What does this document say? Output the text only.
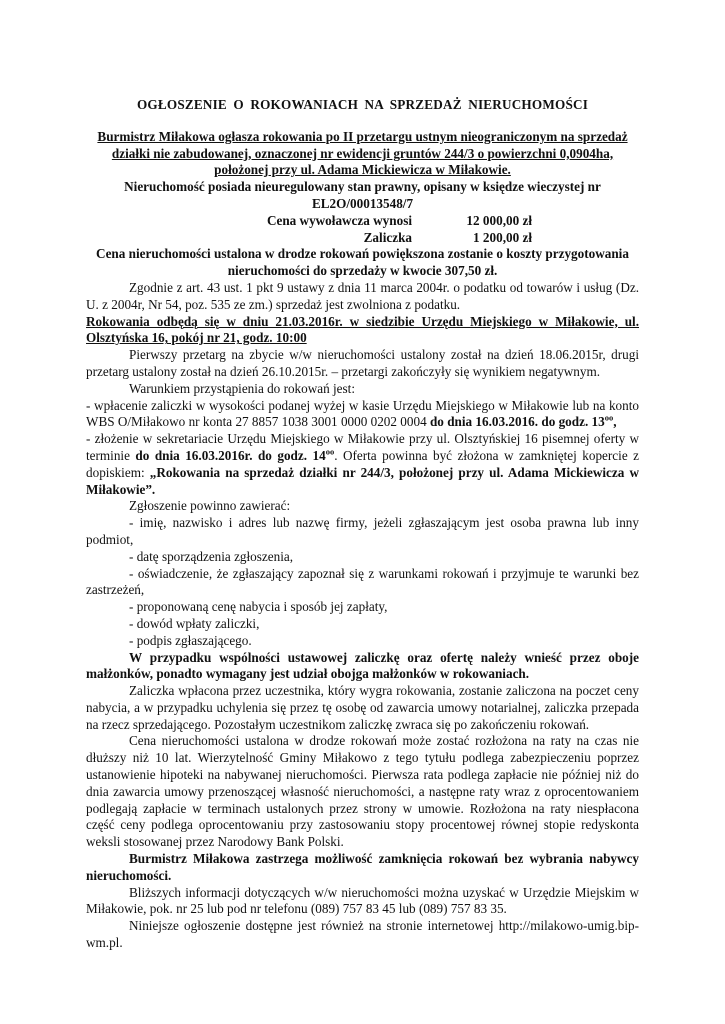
OGŁOSZENIE O ROKOWANIACH NA SPRZEDAŻ NIERUCHOMOŚCI

Burmistrz Miłakowa ogłasza rokowania po II przetargu ustnym nieograniczonym na sprzedaż działki nie zabudowanej, oznaczonej nr ewidencji gruntów 244/3 o powierzchni 0,0904ha, położonej przy ul. Adama Mickiewicza w Miłakowie.

Nieruchomość posiada nieuregulowany stan prawny, opisany w księdze wieczystej nr EL2O/00013548/7

Cena wywoławcza wynosi	12 000,00 zł
Zaliczka	1 200,00 zł

Cena nieruchomości ustalona w drodze rokowań powiększona zostanie o koszty przygotowania nieruchomości do sprzedaży w kwocie 307,50 zł.

Zgodnie z art. 43 ust. 1 pkt 9 ustawy z dnia 11 marca 2004r. o podatku od towarów i usług (Dz. U. z 2004r, Nr 54, poz. 535 ze zm.) sprzedaż jest zwolniona z podatku.

Rokowania odbędą się w dniu 21.03.2016r. w siedzibie Urzędu Miejskiego w Miłakowie, ul. Olsztyńska 16, pokój nr 21, godz. 10:00

Pierwszy przetarg na zbycie w/w nieruchomości ustalony został na dzień 18.06.2015r, drugi przetarg ustalony został na dzień 26.10.2015r. – przetargi zakończyły się wynikiem negatywnym.

Warunkiem przystąpienia do rokowań jest:

- wpłacenie zaliczki w wysokości podanej wyżej w kasie Urzędu Miejskiego w Miłakowie lub na konto WBS O/Miłakowo nr konta 27 8857 1038 3001 0000 0202 0004 do dnia 16.03.2016. do godz. $13^{oo}$,

- złożenie w sekretariacie Urzędu Miejskiego w Miłakowie przy ul. Olsztyńskiej 16 pisemnej oferty w terminie do dnia 16.03.2016r. do godz. $14^{oo}$. Oferta powinna być złożona w zamkniętej kopercie z dopiskiem: „Rokowania na sprzedaż działki nr 244/3, położonej przy ul. Adama Mickiewicza w Miłakowie”.

Zgłoszenie powinno zawierać:

- imię, nazwisko i adres lub nazwę firmy, jeżeli zgłaszającym jest osoba prawna lub inny podmiot,

- datę sporządzenia zgłoszenia,

- oświadczenie, że zgłaszający zapoznał się z warunkami rokowań i przyjmuje te warunki bez zastrzeżeń,

- proponowaną cenę nabycia i sposób jej zapłaty,

- dowód wpłaty zaliczki,

- podpis zgłaszającego.

W przypadku wspólności ustawowej zaliczkę oraz ofertę należy wnieść przez oboje małżonków, ponadto wymagany jest udział obojga małżonków w rokowaniach.

Zaliczka wpłacona przez uczestnika, który wygra rokowania, zostanie zaliczona na poczet ceny nabycia, a w przypadku uchylenia się przez tę osobę od zawarcia umowy notarialnej, zaliczka przepada na rzecz sprzedającego. Pozostałym uczestnikom zaliczkę zwraca się po zakończeniu rokowań.

Cena nieruchomości ustalona w drodze rokowań może zostać rozłożona na raty na czas nie dłuższy niż 10 lat. Wierzytelność Gminy Miłakowo z tego tytułu podlega zabezpieczeniu poprzez ustanowienie hipoteki na nabywanej nieruchomości. Pierwsza rata podlega zapłacie nie później niż do dnia zawarcia umowy przenoszącej własność nieruchomości, a następne raty wraz z oprocentowaniem podlegają zapłacie w terminach ustalonych przez strony w umowie. Rozłożona na raty niespłacona część ceny podlega oprocentowaniu przy zastosowaniu stopy procentowej równej stopie redyskonta weksli stosowanej przez Narodowy Bank Polski.

Burmistrz Miłakowa zastrzega możliwość zamknięcia rokowań bez wybrania nabywcy nieruchomości.

Bliższych informacji dotyczących w/w nieruchomości można uzyskać w Urzędzie Miejskim w Miłakowie, pok. nr 25 lub pod nr telefonu (089) 757 83 45 lub (089) 757 83 35.

Niniejsze ogłoszenie dostępne jest również na stronie internetowej http://milakowo-umig.bip-wm.pl.
